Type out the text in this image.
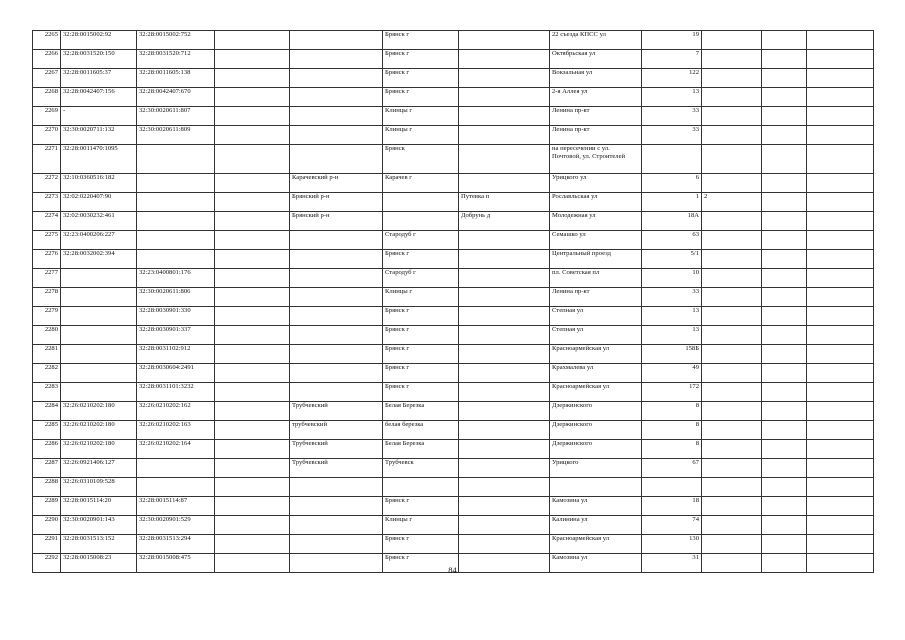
2265	32:28:0015002:92	32:28:0015002:752			Брянск г		22 съезда КПСС ул	19			
2266	32:28:0031520:150	32:28:0031520:712			Брянск г		Октябрьская ул	7			
2267	32:28:0011605:37	32:28:0011605:138			Брянск г		Вокзальная ул	122			
2268	32:28:0042407:156	32:28:0042407:670			Брянск г		2-я Аллея ул	13			
2269	-	32:30:0020611:807			Клинцы г		Ленина пр-кт	33			
2270	32:30:0020711:132	32:30:0020611:809			Клинцы г		Ленина пр-кт	33			
2271	32:28:0011470:1095				Брянск		на пересечении с ул. Почтовой, ул. Строителей				
2272	32:10:0360516:182			Карачевский р-н	Карачев г		Урицкого ул	6			
2273	32:02:0220407:90			Брянский р-н		Путевка п	Рославльская ул	1	2		
2274	32:02:0030232:461			Брянский р-н		Добрунь д	Молодежная ул	18А			
2275	32:23:0400206:227				Стародуб г		Семашко ул	63			
2276	32:28:0032002:394				Брянск г		Центральный проезд	5/1			
2277		32:23:0400801:176			Стародуб г		пл. Советская пл	10			
2278		32:30:0020611:806			Клинцы г		Ленина пр-кт	33			
2279		32:28:0030901:330			Брянск г		Степная ул	13			
2280		32:28:0030901:337			Брянск г		Степная ул	13			
2281		32:28:0031102:912			Брянск г		Красноармейская ул	158Б			
2282		32:28:0030604:2491			Брянск г		Крахмалева ул	49			
2283		32:28:0031101:3232			Брянск г		Красноармейская ул	172			
2284	32:26:0210202:180	32:26:0210202:162		Трубчевский	Белая Березка		Дзержинского	8			
2285	32:26:0210202:180	32:26:0210202:163		трубчевский	белая березка		Дзержинского	8			
2286	32:26:0210202:180	32:26:0210202:164		Трубчевский	Белая Березка		Дзержинского	8			
2287	32:26:0921406:127			Трубчевский	Трубчевск		Урицкого	67			
2288	32:26:0310109:528										
2289	32:28:0015114:20	32:28:0015114:87			Брянск г		Камозина ул	18			
2290	32:30:0020901:143	32:30:0020901:529			Клинцы г		Калинина ул	74			
2291	32:28:0031513:152	32:28:0031513:294			Брянск г		Красноармейская ул	130			
2292	32:28:0015008:23	32:28:0015008:475			Брянск г		Камозина ул	31			
84
